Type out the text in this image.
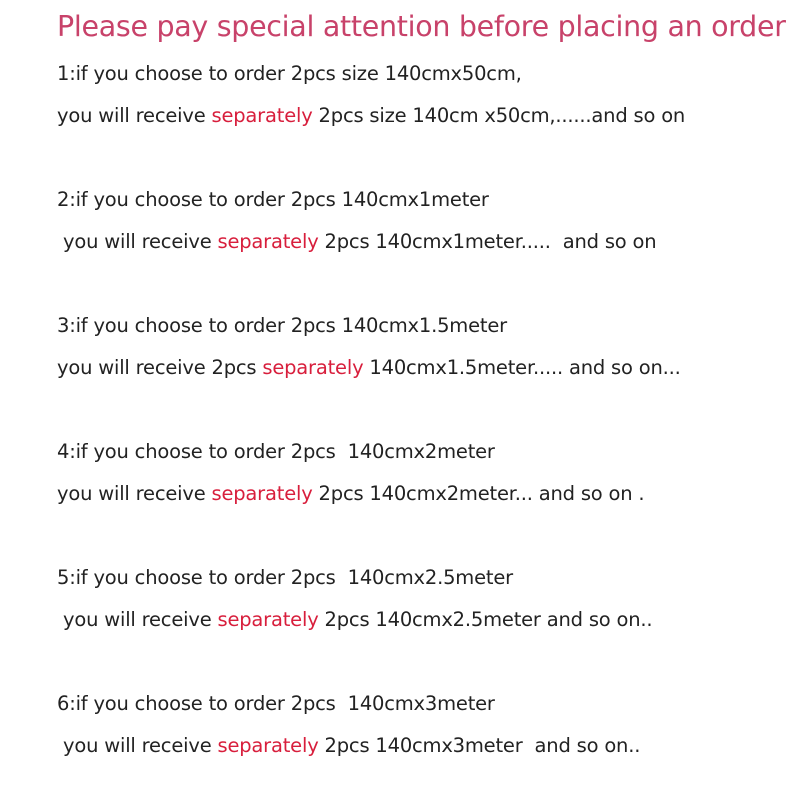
Please pay special attention before placing an order
1:if you choose to order 2pcs size 140cmx50cm,
you will receive separately 2pcs size 140cm x50cm,......and so on
2:if you choose to order 2pcs 140cmx1meter
you will receive separately 2pcs 140cmx1meter.....  and so on
3:if you choose to order 2pcs 140cmx1.5meter
you will receive 2pcs separately 140cmx1.5meter..... and so on...
4:if you choose to order 2pcs  140cmx2meter
you will receive separately 2pcs 140cmx2meter... and so on .
5:if you choose to order 2pcs  140cmx2.5meter
you will receive separately 2pcs 140cmx2.5meter and so on..
6:if you choose to order 2pcs  140cmx3meter
you will receive separately 2pcs 140cmx3meter  and so on..
